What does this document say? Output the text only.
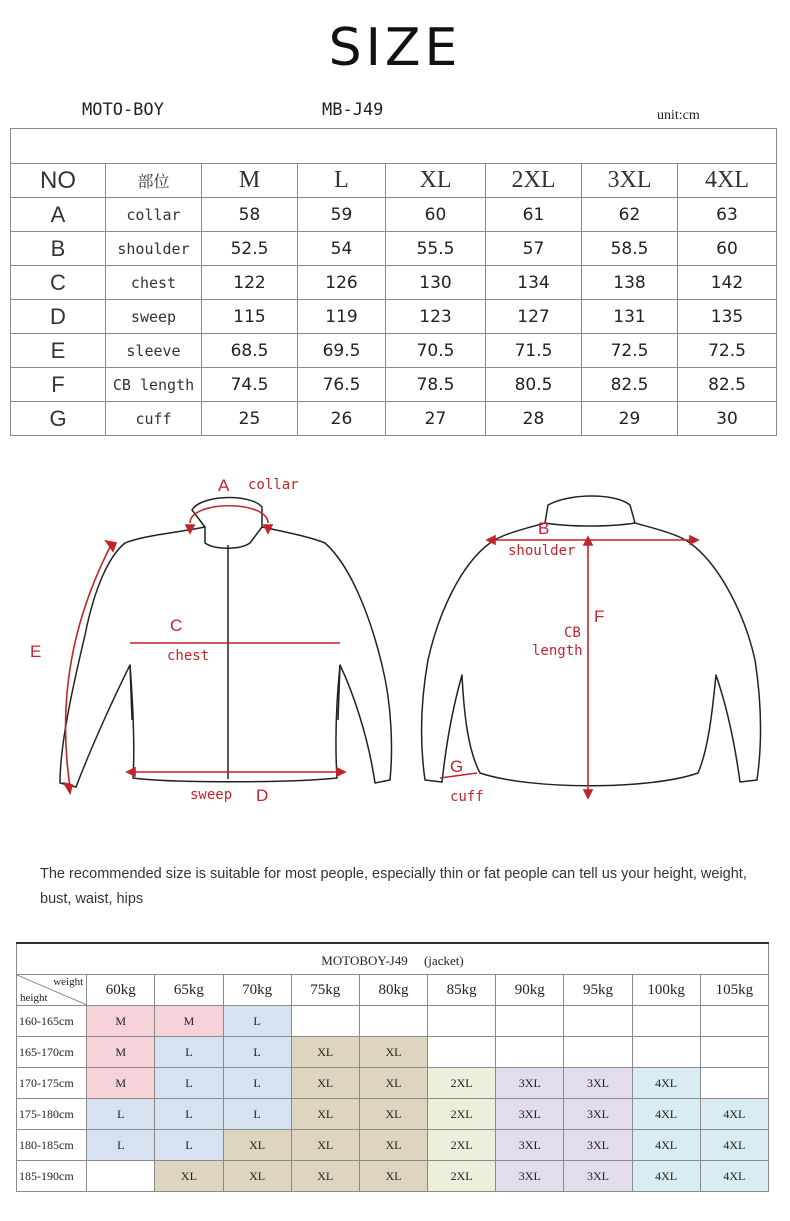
SIZE
MOTO-BOY	MB-J49	unit:cm

NO	部位	M	L	XL	2XL	3XL	4XL
A	collar	58	59	60	61	62	63
B	shoulder	52.5	54	55.5	57	58.5	60
C	chest	122	126	130	134	138	142
D	sweep	115	119	123	127	131	135
E	sleeve	68.5	69.5	70.5	71.5	72.5	72.5
F	CB length	74.5	76.5	78.5	80.5	82.5	82.5
G	cuff	25	26	27	28	29	30
A collar
C
chest
E
sweep D
B
shoulder
F
CB
length
G
cuff
The recommended size is suitable for most people, especially thin or fat people can tell us your height, weight, bust, waist, hips
MOTOBOY-J49　 (jacket)										

weight
height	60kg	65kg	70kg	75kg	80kg	85kg	90kg	95kg	100kg	105kg
160-165cm	M	M	L							
165-170cm	M	L	L	XL	XL					
170-175cm	M	L	L	XL	XL	2XL	3XL	3XL	4XL	
175-180cm	L	L	L	XL	XL	2XL	3XL	3XL	4XL	4XL
180-185cm	L	L	XL	XL	XL	2XL	3XL	3XL	4XL	4XL
185-190cm		XL	XL	XL	XL	2XL	3XL	3XL	4XL	4XL
